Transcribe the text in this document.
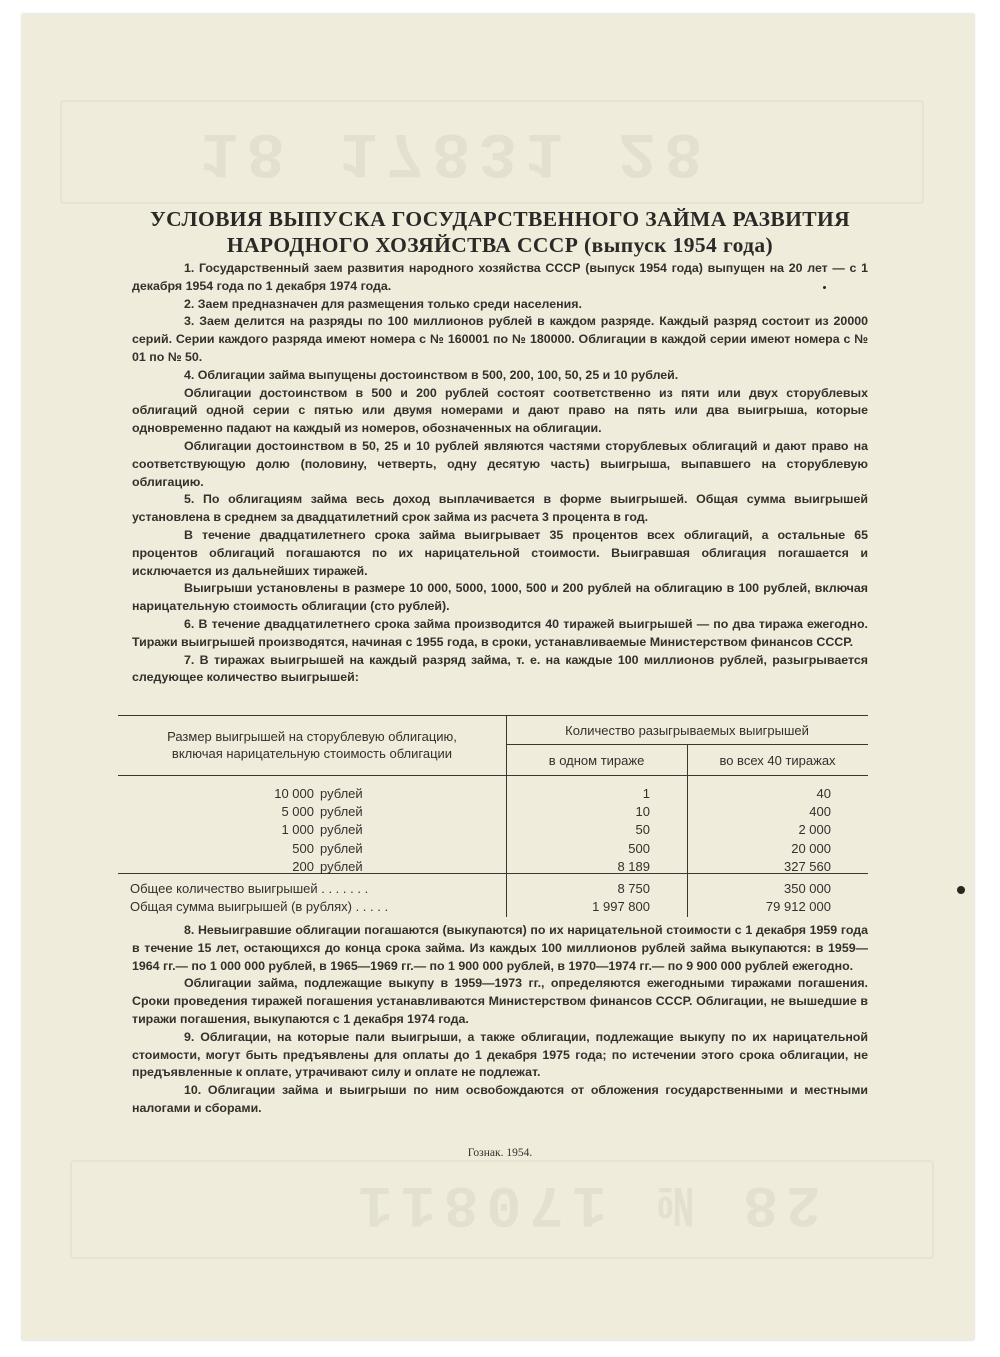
18 17831 28
28 № 170811
УСЛОВИЯ ВЫПУСКА ГОСУДАРСТВЕННОГО ЗАЙМА РАЗВИТИЯ
НАРОДНОГО ХОЗЯЙСТВА СССР (выпуск 1954 года)

1. Государственный заем развития народного хозяйства СССР (выпуск 1954 года) выпущен на 20 лет — с 1 декабря 1954 года по 1 декабря 1974 года.

2. Заем предназначен для размещения только среди населения.

3. Заем делится на разряды по 100 миллионов рублей в каждом разряде. Каждый разряд состоит из 20000 серий. Серии каждого разряда имеют номера с № 160001 по № 180000. Облигации в каждой серии имеют номера с № 01 по № 50.

4. Облигации займа выпущены достоинством в 500, 200, 100, 50, 25 и 10 рублей.

Облигации достоинством в 500 и 200 рублей состоят соответственно из пяти или двух сторублевых облигаций одной серии с пятью или двумя номерами и дают право на пять или два выигрыша, которые одновременно падают на каждый из номеров, обозначенных на облигации.

Облигации достоинством в 50, 25 и 10 рублей являются частями сторублевых облигаций и дают право на соответствующую долю (половину, четверть, одну десятую часть) выигрыша, выпавшего на сторублевую облигацию.

5. По облигациям займа весь доход выплачивается в форме выигрышей. Общая сумма выигрышей установлена в среднем за двадцатилетний срок займа из расчета 3 процента в год.

В течение двадцатилетнего срока займа выигрывает 35 процентов всех облигаций, а остальные 65 процентов облигаций погашаются по их нарицательной стоимости. Выигравшая облигация погашается и исключается из дальнейших тиражей.

Выигрыши установлены в размере 10 000, 5000, 1000, 500 и 200 рублей на облигацию в 100 рублей, включая нарицательную стоимость облигации (сто рублей).

6. В течение двадцатилетнего срока займа производится 40 тиражей выигрышей — по два тиража ежегодно. Тиражи выигрышей производятся, начиная с 1955 года, в сроки, устанавливаемые Министерством финансов СССР.

7. В тиражах выигрышей на каждый разряд займа, т. е. на каждые 100 миллионов рублей, разыгрывается следующее количество выигрышей:

Размер выигрышей на сторублевую облигацию,
включая нарицательную стоимость облигации
Количество разыгрываемых выигрышей
в одном тираже	во всех 40 тиражах
10 000 рублей	1	40
5 000 рублей	10	400
1 000 рублей	50	2 000
500 рублей	500	20 000
200 рублей	8 189	327 560
Общее количество выигрышей . . . . . . .	8 750	350 000
Общая сумма выигрышей (в рублях) . . . . .	1 997 800	79 912 000

8. Невыигравшие облигации погашаются (выкупаются) по их нарицательной стоимости с 1 декабря 1959 года в течение 15 лет, остающихся до конца срока займа. Из каждых 100 миллионов рублей займа выкупаются: в 1959—1964 гг.— по 1 000 000 рублей, в 1965—1969 гг.— по 1 900 000 рублей, в 1970—1974 гг.— по 9 900 000 рублей ежегодно.

Облигации займа, подлежащие выкупу в 1959—1973 гг., определяются ежегодными тиражами погашения. Сроки проведения тиражей погашения устанавливаются Министерством финансов СССР. Облигации, не вышедшие в тиражи погашения, выкупаются с 1 декабря 1974 года.

9. Облигации, на которые пали выигрыши, а также облигации, подлежащие выкупу по их нарицательной стоимости, могут быть предъявлены для оплаты до 1 декабря 1975 года; по истечении этого срока облигации, не предъявленные к оплате, утрачивают силу и оплате не подлежат.

10. Облигации займа и выигрыши по ним освобождаются от обложения государственными и местными налогами и сборами.

Гознак. 1954.
